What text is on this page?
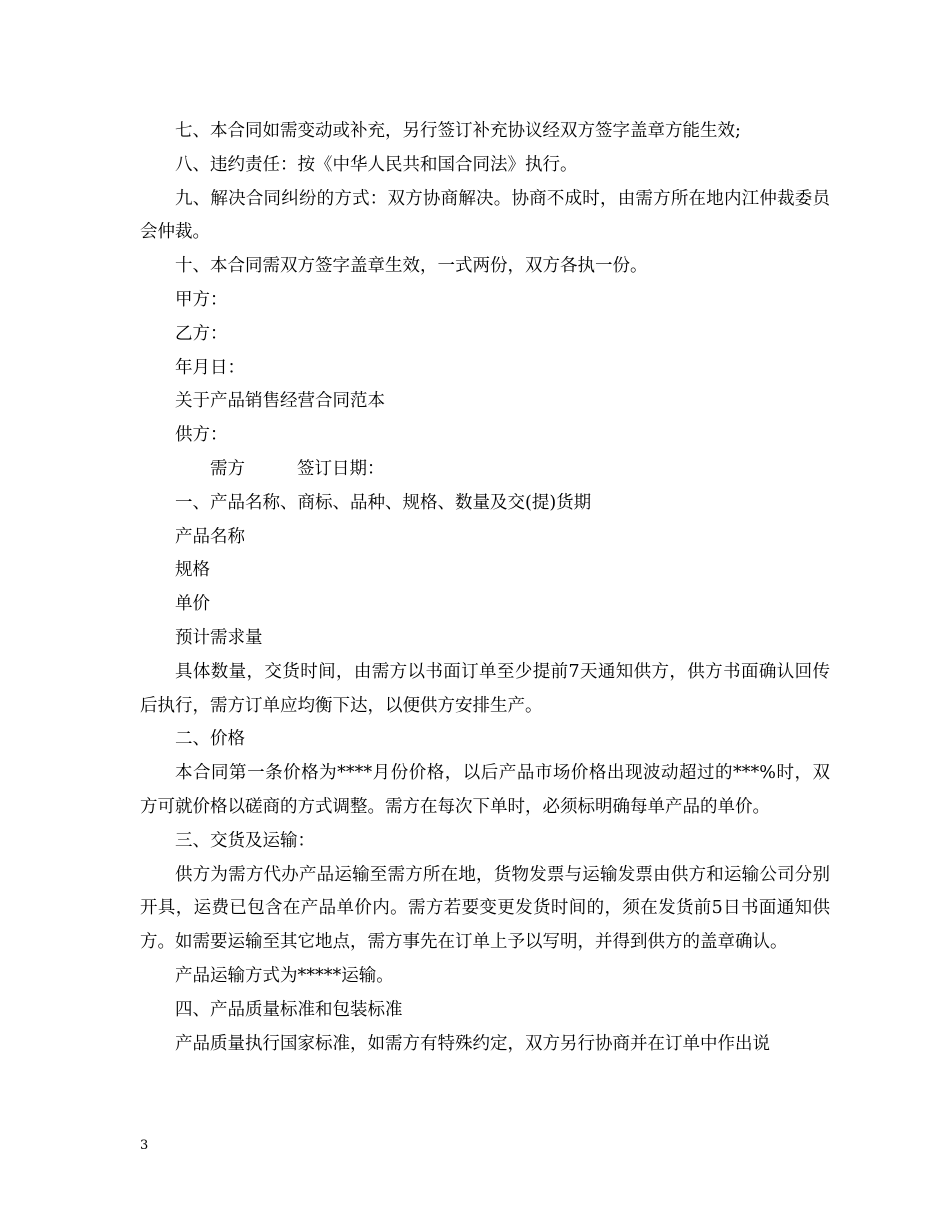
七、本合同如需变动或补充，另行签订补充协议经双方签字盖章方能生效;

八、违约责任：按《中华人民共和国合同法》执行。

九、解决合同纠纷的方式：双方协商解决。协商不成时，由需方所在地内江仲裁委员会仲裁。

十、本合同需双方签字盖章生效，一式两份，双方各执一份。

甲方：

乙方：

年月日：

关于产品销售经营合同范本

供方：

需方	签订日期：

一、产品名称、商标、品种、规格、数量及交(提)货期

产品名称

规格

单价

预计需求量

具体数量，交货时间，由需方以书面订单至少提前7天通知供方，供方书面确认回传后执行，需方订单应均衡下达，以便供方安排生产。

二、价格

本合同第一条价格为****月份价格，以后产品市场价格出现波动超过的***%时，双方可就价格以磋商的方式调整。需方在每次下单时，必须标明确每单产品的单价。

三、交货及运输：

供方为需方代办产品运输至需方所在地，货物发票与运输发票由供方和运输公司分别开具，运费已包含在产品单价内。需方若要变更发货时间的，须在发货前5日书面通知供方。如需要运输至其它地点，需方事先在订单上予以写明，并得到供方的盖章确认。

产品运输方式为*****运输。

四、产品质量标准和包装标准

产品质量执行国家标准，如需方有特殊约定，双方另行协商并在订单中作出说

3
